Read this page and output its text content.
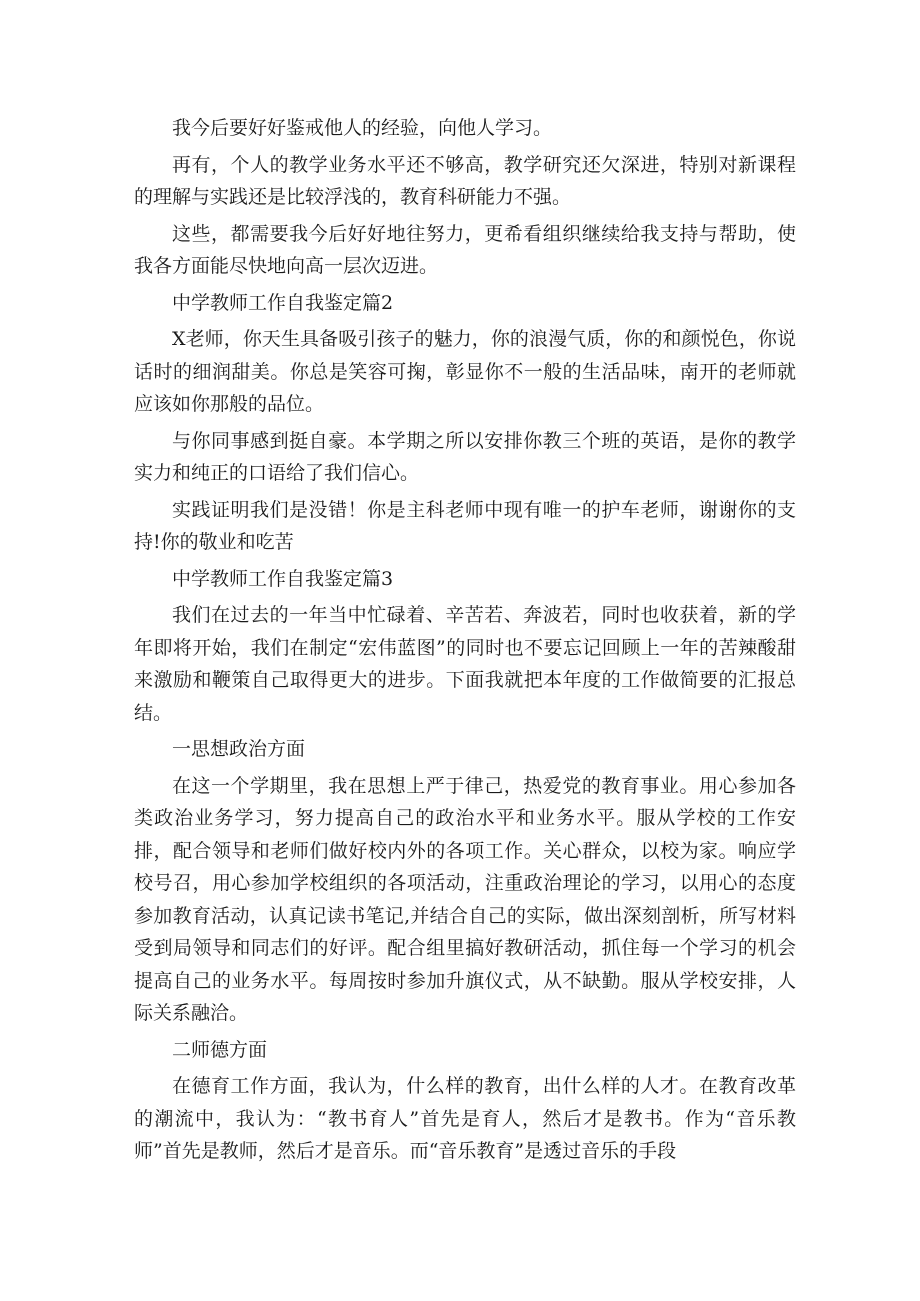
我今后要好好鉴戒他人的经验，向他人学习。

再有，个人的教学业务水平还不够高，教学研究还欠深进，特别对新课程的理解与实践还是比较浮浅的，教育科研能力不强。

这些，都需要我今后好好地往努力，更希看组织继续给我支持与帮助，使我各方面能尽快地向高一层次迈进。

中学教师工作自我鉴定篇2

X老师，你天生具备吸引孩子的魅力，你的浪漫气质，你的和颜悦色，你说话时的细润甜美。你总是笑容可掬，彰显你不一般的生活品味，南开的老师就应该如你那般的品位。

与你同事感到挺自豪。本学期之所以安排你教三个班的英语，是你的教学实力和纯正的口语给了我们信心。

实践证明我们是没错！你是主科老师中现有唯一的护车老师，谢谢你的支持!你的敬业和吃苦

中学教师工作自我鉴定篇3

我们在过去的一年当中忙碌着、辛苦若、奔波若，同时也收获着，新的学年即将开始，我们在制定“宏伟蓝图”的同时也不要忘记回顾上一年的苦辣酸甜来激励和鞭策自己取得更大的进步。下面我就把本年度的工作做简要的汇报总结。

一思想政治方面

在这一个学期里，我在思想上严于律己，热爱党的教育事业。用心参加各类政治业务学习，努力提高自己的政治水平和业务水平。服从学校的工作安排，配合领导和老师们做好校内外的各项工作。关心群众，以校为家。响应学校号召，用心参加学校组织的各项活动，注重政治理论的学习，以用心的态度参加教育活动，认真记读书笔记,并结合自己的实际，做出深刻剖析，所写材料受到局领导和同志们的好评。配合组里搞好教研活动，抓住每一个学习的机会提高自己的业务水平。每周按时参加升旗仪式，从不缺勤。服从学校安排，人际关系融洽。

二师德方面

在德育工作方面，我认为，什么样的教育，出什么样的人才。在教育改革的潮流中，我认为：“教书育人”首先是育人，然后才是教书。作为“音乐教师”首先是教师，然后才是音乐。而“音乐教育”是透过音乐的手段
